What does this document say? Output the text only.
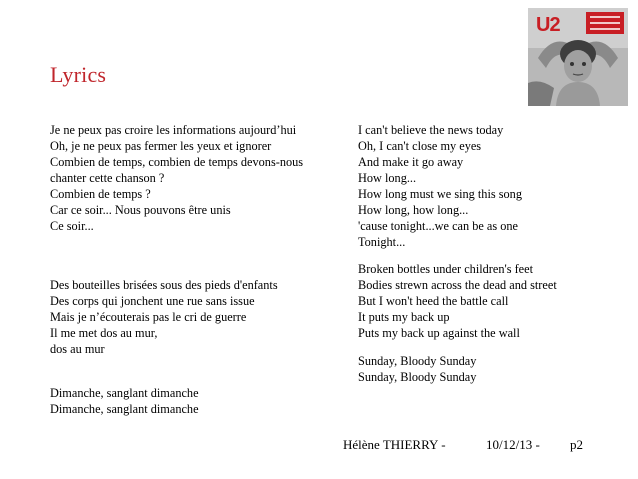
Lyrics
U2

Je ne peux pas croire les informations aujourd’hui

Oh, je ne peux pas fermer les yeux et ignorer

Combien de temps, combien de temps devons-nous

chanter cette chanson ?

Combien de temps ?

Car ce soir... Nous pouvons être unis

Ce soir...

Des bouteilles brisées sous des pieds d'enfants

Des corps qui jonchent une rue sans issue

Mais je n’écouterais pas le cri de guerre

Il me met dos au mur,

dos au mur

Dimanche, sanglant dimanche

Dimanche, sanglant dimanche

I can't believe the news today

Oh, I can't close my eyes

And make it go away

How long...

How long must we sing this song

How long, how long...

'cause tonight...we can be as one

Tonight...

Broken bottles under children's feet

Bodies strewn across the dead and street

But I won't heed the battle call

It puts my back up

Puts my back up against the wall

Sunday, Bloody Sunday

Sunday, Bloody Sunday

Hélène THIERRY -	10/12/13 - p2
